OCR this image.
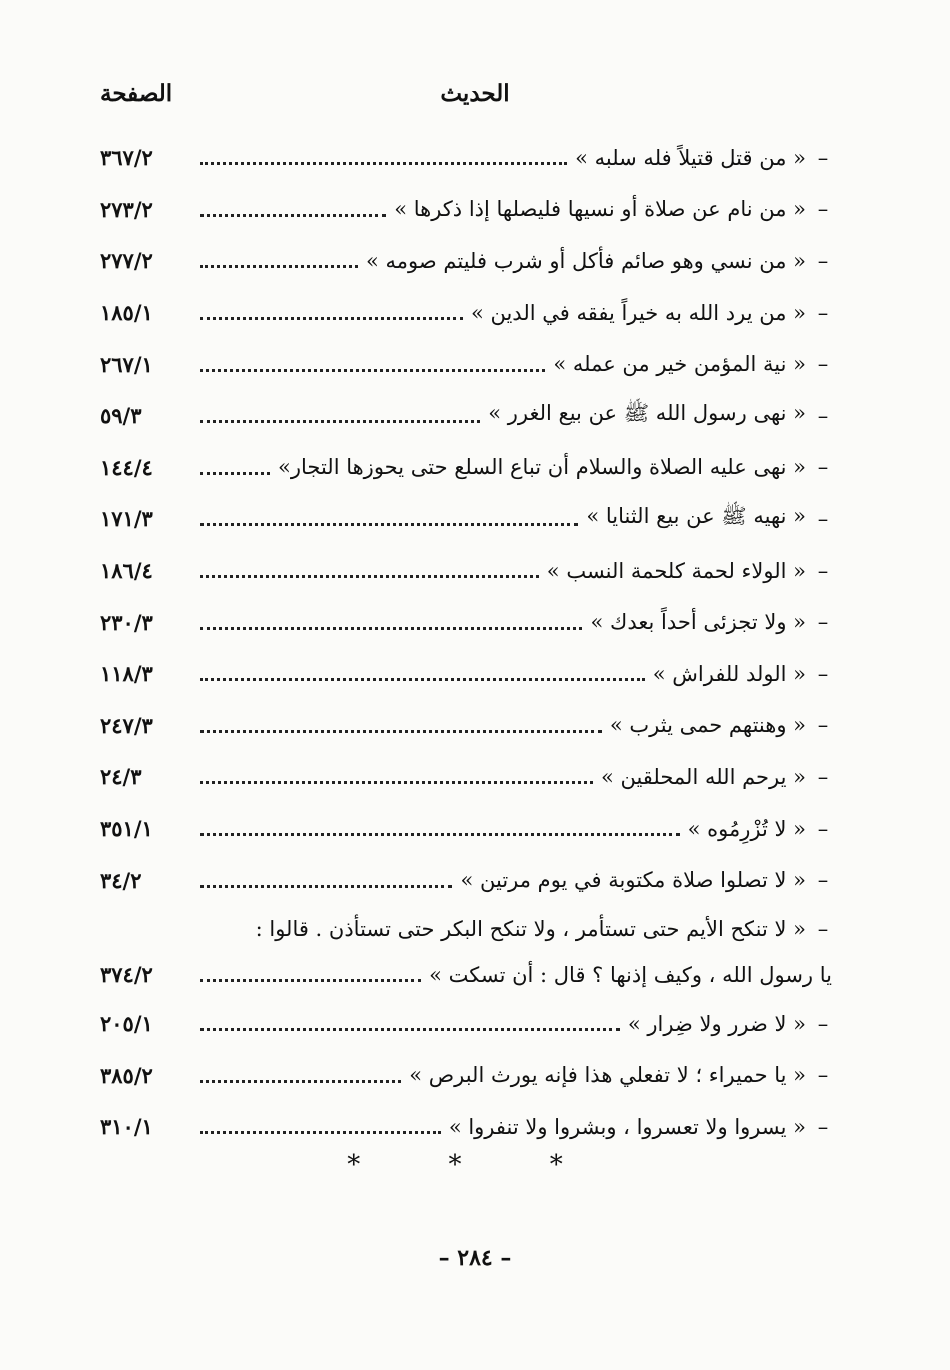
الحديث
الصفحة
–
« من قتل قتيلاً فله سلبه »
٣٦٧/٢
–
« من نام عن صلاة أو نسيها فليصلها إذا ذكرها »
٢٧٣/٢
–
« من نسي وهو صائم فأكل أو شرب فليتم صومه »
٢٧٧/٢
–
« من يرد الله به خيراً يفقه في الدين »
١٨٥/١
–
« نية المؤمن خير من عمله »
٢٦٧/١
–
« نهى رسول الله ﷺ عن بيع الغرر »
٥٩/٣
–
« نهى عليه الصلاة والسلام أن تباع السلع حتى يحوزها التجار»
١٤٤/٤
–
« نهيه ﷺ عن بيع الثنايا »
١٧١/٣
–
« الولاء لحمة كلحمة النسب »
١٨٦/٤
–
« ولا تجزئى أحداً بعدك »
٢٣٠/٣
–
« الولد للفراش »
١١٨/٣
–
« وهنتهم حمى يثرب »
٢٤٧/٣
–
« يرحم الله المحلقين »
٢٤/٣
–
« لا تُزْرِمُوه »
٣٥١/١
–
« لا تصلوا صلاة مكتوبة في يوم مرتين »
٣٤/٢
–
« لا تنكح الأيم حتى تستأمر ، ولا تنكح البكر حتى تستأذن . قالوا :
يا رسول الله ، وكيف إذنها ؟ قال : أن تسكت »
٣٧٤/٢
–
« لا ضرر ولا ضِرار »
٢٠٥/١
–
« يا حميراء ؛ لا تفعلي هذا فإنه يورث البرص »
٣٨٥/٢
–
« يسروا ولا تعسروا ، وبشروا ولا تنفروا »
٣١٠/١
* * *
– ٢٨٤ –
